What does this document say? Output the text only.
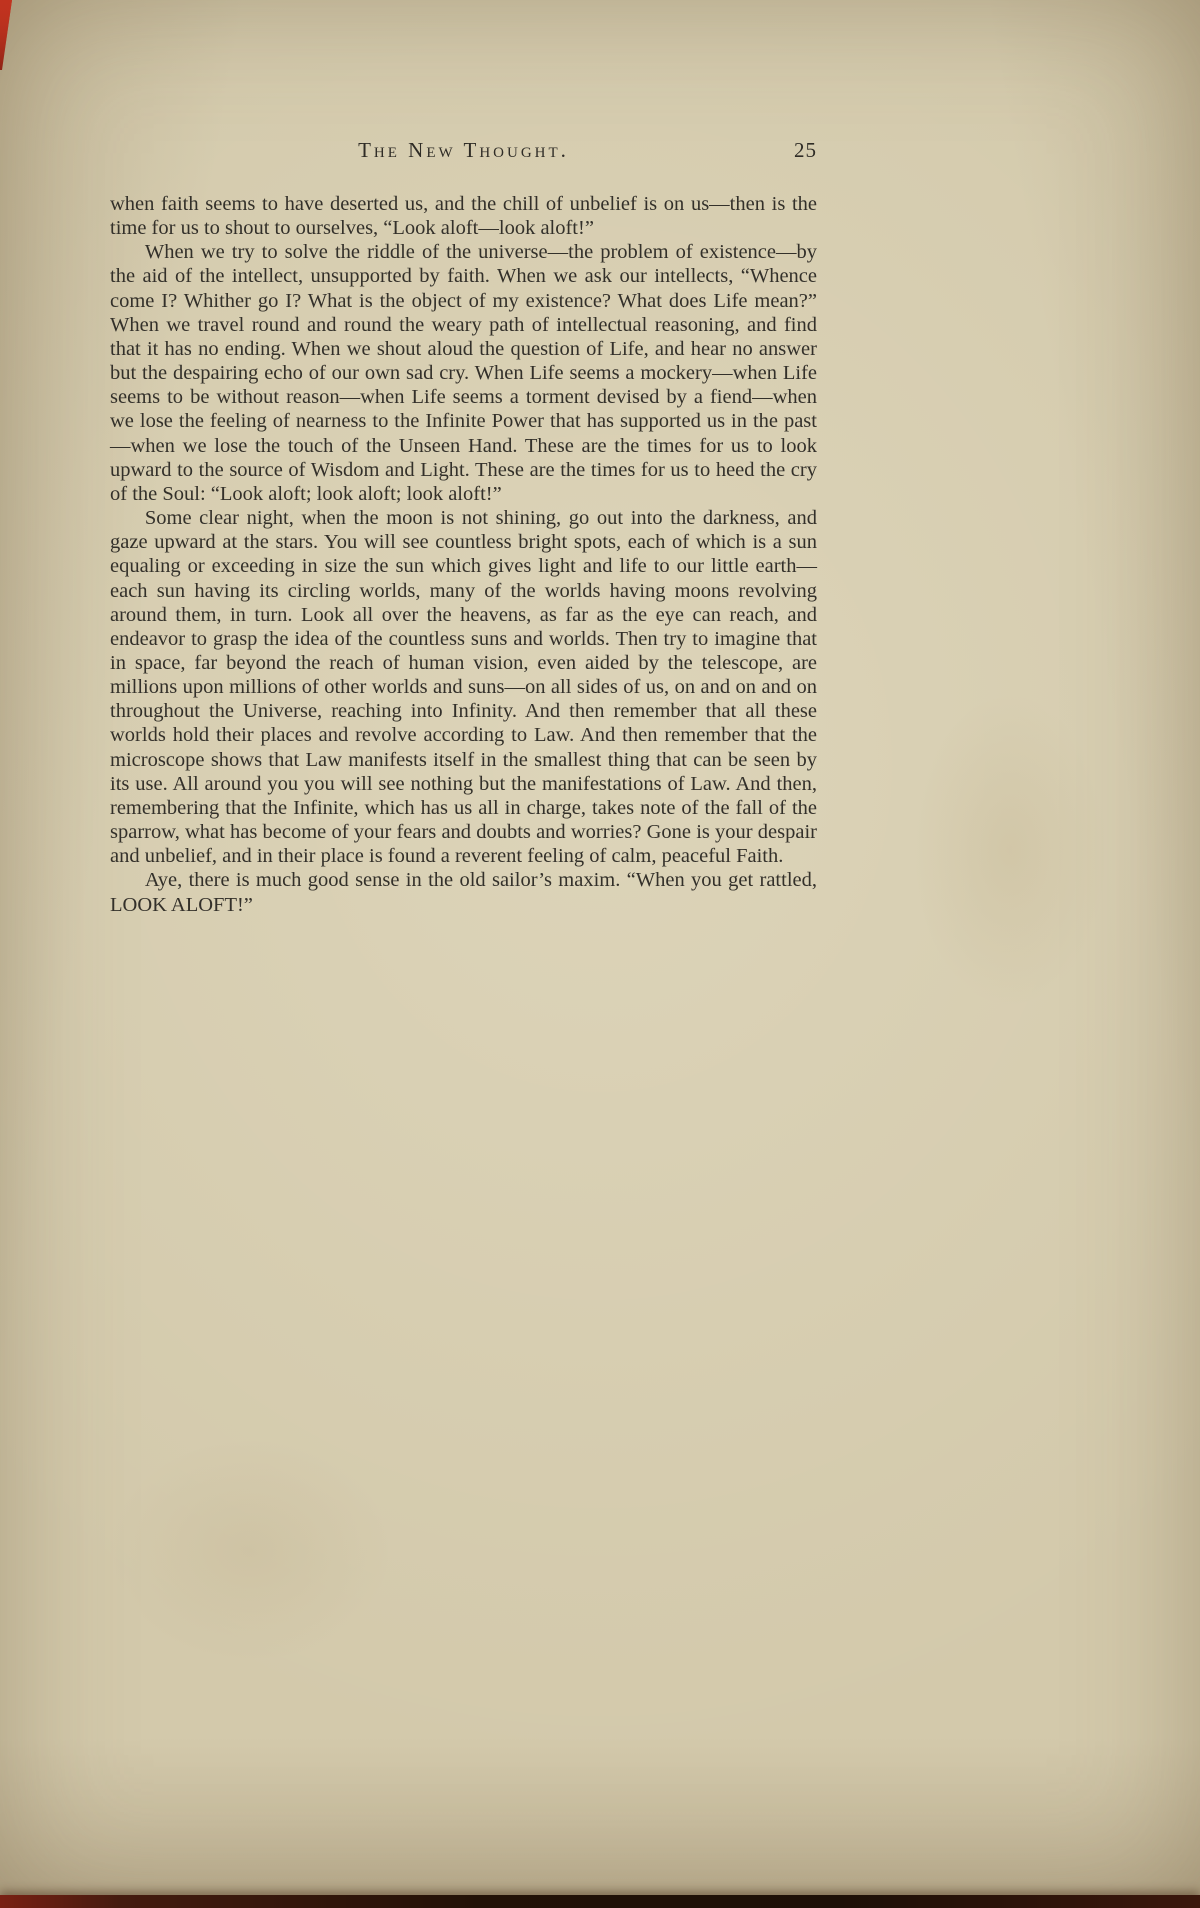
The New Thought.	25

when faith seems to have deserted us, and the chill of unbelief is on us—then is the time for us to shout to ourselves, “Look aloft—look aloft!”

When we try to solve the riddle of the universe—the problem of existence—by the aid of the intellect, unsupported by faith. When we ask our intellects, “Whence come I? Whither go I? What is the object of my existence? What does Life mean?” When we travel round and round the weary path of intellectual reasoning, and find that it has no ending. When we shout aloud the question of Life, and hear no answer but the despairing echo of our own sad cry. When Life seems a mockery—when Life seems to be without reason—when Life seems a torment devised by a fiend—when we lose the feeling of nearness to the Infinite Power that has supported us in the past—when we lose the touch of the Unseen Hand. These are the times for us to look upward to the source of Wisdom and Light. These are the times for us to heed the cry of the Soul: “Look aloft; look aloft; look aloft!”

Some clear night, when the moon is not shining, go out into the darkness, and gaze upward at the stars. You will see countless bright spots, each of which is a sun equaling or exceeding in size the sun which gives light and life to our little earth—each sun having its circling worlds, many of the worlds having moons revolving around them, in turn. Look all over the heavens, as far as the eye can reach, and endeavor to grasp the idea of the countless suns and worlds. Then try to imagine that in space, far beyond the reach of human vision, even aided by the telescope, are millions upon millions of other worlds and suns—on all sides of us, on and on and on throughout the Universe, reaching into Infinity. And then remember that all these worlds hold their places and revolve according to Law. And then remember that the microscope shows that Law manifests itself in the smallest thing that can be seen by its use. All around you you will see nothing but the manifestations of Law. And then, remembering that the Infinite, which has us all in charge, takes note of the fall of the sparrow, what has become of your fears and doubts and worries? Gone is your despair and unbelief, and in their place is found a reverent feeling of calm, peaceful Faith.

Aye, there is much good sense in the old sailor’s maxim. “When you get rattled, LOOK ALOFT!”
